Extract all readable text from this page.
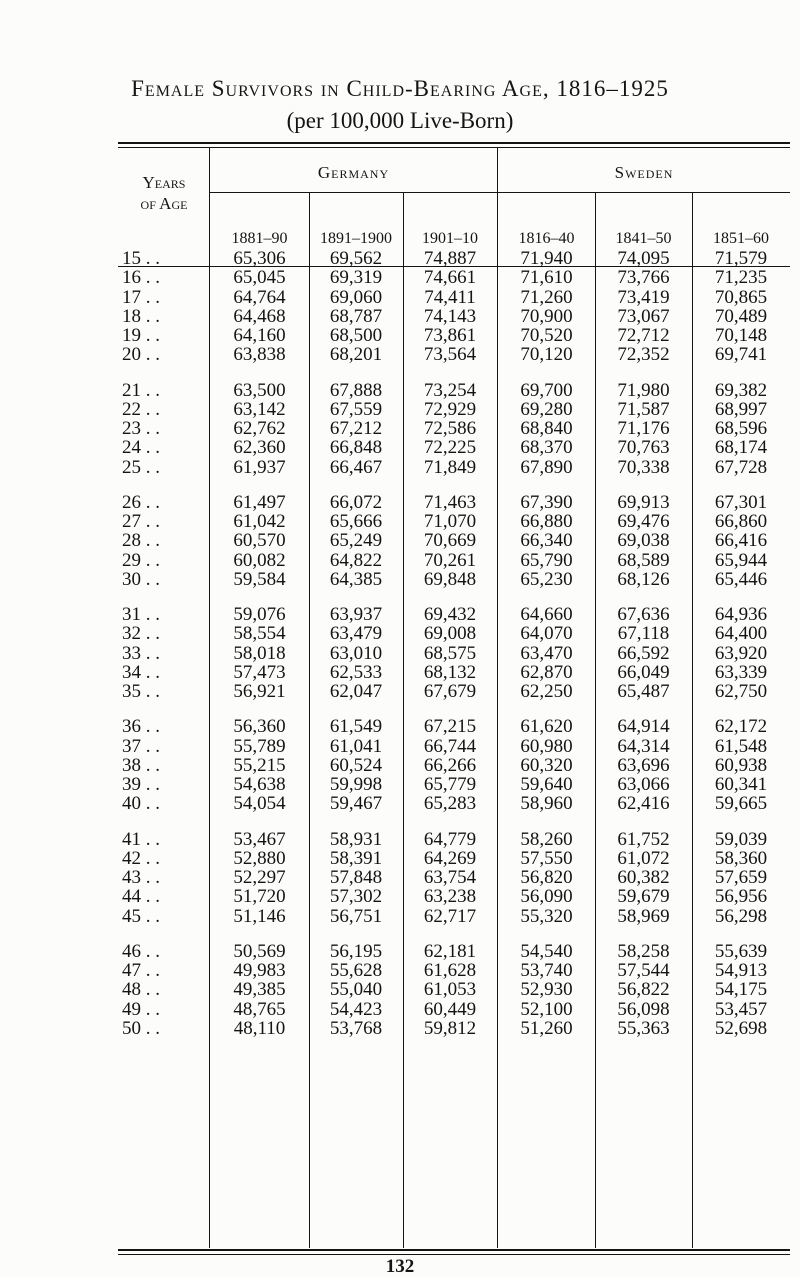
Female Survivors in Child-Bearing Age, 1816–1925
(per 100,000 Live-Born)
Years
of Age
Germany	Sweden
1881–90	1891–1900	1901–10	1816–40	1841–50	1851–60
15 . .	65,306	69,562	74,887	71,940	74,095	71,579
16 . .	65,045	69,319	74,661	71,610	73,766	71,235
17 . .	64,764	69,060	74,411	71,260	73,419	70,865
18 . .	64,468	68,787	74,143	70,900	73,067	70,489
19 . .	64,160	68,500	73,861	70,520	72,712	70,148
20 . .	63,838	68,201	73,564	70,120	72,352	69,741
21 . .	63,500	67,888	73,254	69,700	71,980	69,382
22 . .	63,142	67,559	72,929	69,280	71,587	68,997
23 . .	62,762	67,212	72,586	68,840	71,176	68,596
24 . .	62,360	66,848	72,225	68,370	70,763	68,174
25 . .	61,937	66,467	71,849	67,890	70,338	67,728
26 . .	61,497	66,072	71,463	67,390	69,913	67,301
27 . .	61,042	65,666	71,070	66,880	69,476	66,860
28 . .	60,570	65,249	70,669	66,340	69,038	66,416
29 . .	60,082	64,822	70,261	65,790	68,589	65,944
30 . .	59,584	64,385	69,848	65,230	68,126	65,446
31 . .	59,076	63,937	69,432	64,660	67,636	64,936
32 . .	58,554	63,479	69,008	64,070	67,118	64,400
33 . .	58,018	63,010	68,575	63,470	66,592	63,920
34 . .	57,473	62,533	68,132	62,870	66,049	63,339
35 . .	56,921	62,047	67,679	62,250	65,487	62,750
36 . .	56,360	61,549	67,215	61,620	64,914	62,172
37 . .	55,789	61,041	66,744	60,980	64,314	61,548
38 . .	55,215	60,524	66,266	60,320	63,696	60,938
39 . .	54,638	59,998	65,779	59,640	63,066	60,341
40 . .	54,054	59,467	65,283	58,960	62,416	59,665
41 . .	53,467	58,931	64,779	58,260	61,752	59,039
42 . .	52,880	58,391	64,269	57,550	61,072	58,360
43 . .	52,297	57,848	63,754	56,820	60,382	57,659
44 . .	51,720	57,302	63,238	56,090	59,679	56,956
45 . .	51,146	56,751	62,717	55,320	58,969	56,298
46 . .	50,569	56,195	62,181	54,540	58,258	55,639
47 . .	49,983	55,628	61,628	53,740	57,544	54,913
48 . .	49,385	55,040	61,053	52,930	56,822	54,175
49 . .	48,765	54,423	60,449	52,100	56,098	53,457
50 . .	48,110	53,768	59,812	51,260	55,363	52,698
132
